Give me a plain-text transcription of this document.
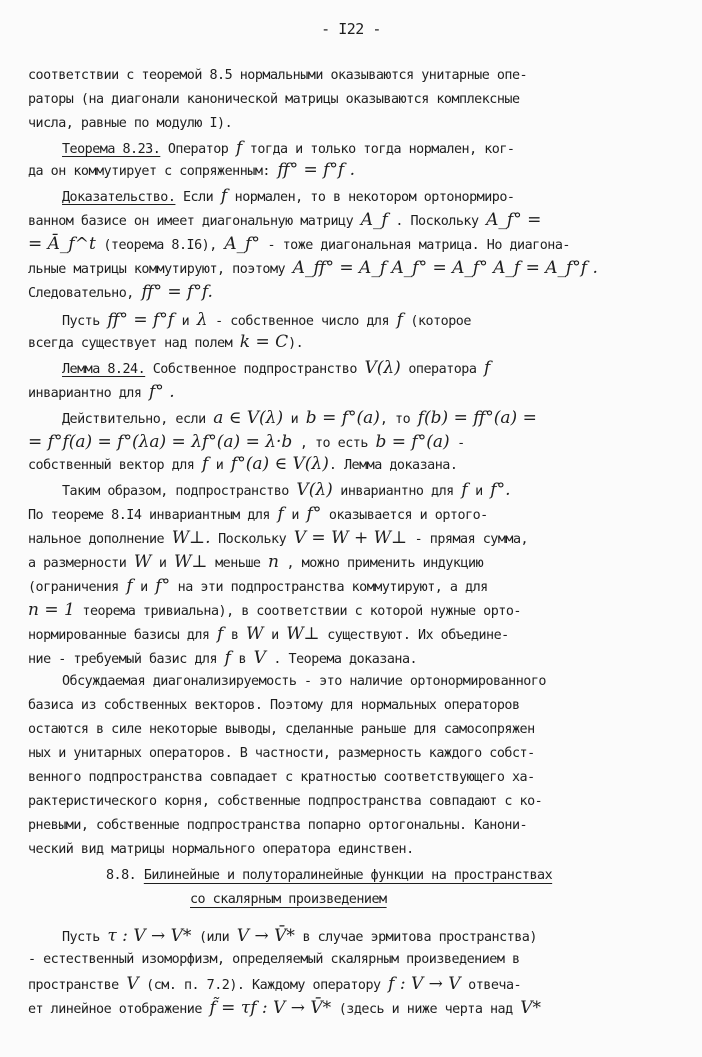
- I22 -
соответствии с теоремой 8.5 нормальными оказываются унитарные опе-
раторы (на диагонали канонической матрицы оказываются комплексные
числа, равные по модулю I).
Теорема 8.23. Оператор f тогда и только тогда нормален, ког-
да он коммутирует с сопряженным: ff° = f°f .
Доказательство. Если f нормален, то в некотором ортонормиро-
ванном базисе он имеет диагональную матрицу A_f . Поскольку A_f° =
= Ā_f^t (теорема 8.I6), A_f° - тоже диагональная матрица. Но диагона-
льные матрицы коммутируют, поэтому A_ff° = A_f A_f° = A_f° A_f = A_f°f .
Следовательно, ff° = f°f.
Пусть ff° = f°f и λ - собственное число для f (которое
всегда существует над полем k = C).
Лемма 8.24. Собственное подпространство V(λ) оператора f
инвариантно для f° .
Действительно, если a ∈ V(λ) и b = f°(a), то f(b) = ff°(a) =
= f°f(a) = f°(λa) = λf°(a) = λ·b , то есть b = f°(a) -
собственный вектор для f и f°(a) ∈ V(λ). Лемма доказана.
Таким образом, подпространство V(λ) инвариантно для f и f°.
По теореме 8.I4 инвариантным для f и f° оказывается и ортого-
нальное дополнение W⊥. Поскольку V = W + W⊥ - прямая сумма,
а размерности W и W⊥ меньше n , можно применить индукцию
(ограничения f и f° на эти подпространства коммутируют, а для
n = 1 теорема тривиальна), в соответствии с которой нужные орто-
нормированные базисы для f в W и W⊥ существуют. Их объедине-
ние - требуемый базис для f в V . Теорема доказана.
Обсуждаемая диагонализируемость - это наличие ортонормированного
базиса из собственных векторов. Поэтому для нормальных операторов
остаются в силе некоторые выводы, сделанные раньше для самосопряжен
ных и унитарных операторов. В частности, размерность каждого собст-
венного подпространства совпадает с кратностью соответствующего ха-
рактеристического корня, собственные подпространства совпадают с ко-
рневыми, собственные подпространства попарно ортогональны. Канони-
ческий вид матрицы нормального оператора единствен.
8.8. Билинейные и полуторалинейные функции на пространствах
со скалярным произведением
Пусть τ : V → V* (или V → V̄* в случае эрмитова пространства)
- естественный изоморфизм, определяемый скалярным произведением в
пространстве V (см. п. 7.2). Каждому оператору f : V → V отвеча-
ет линейное отображение f̃ = τf : V → V̄* (здесь и ниже черта над V*
